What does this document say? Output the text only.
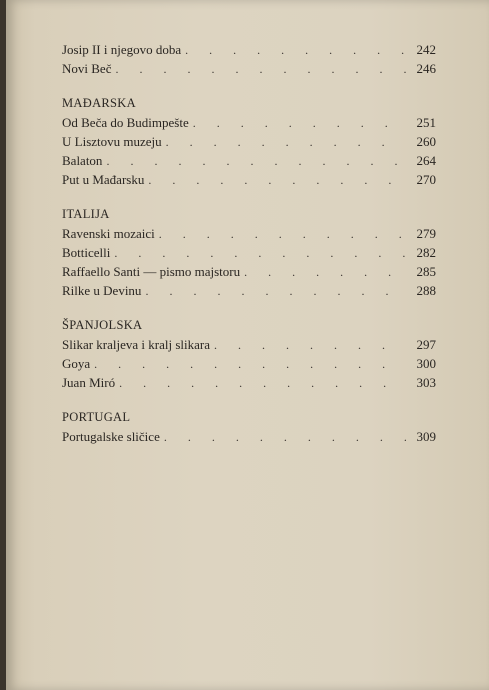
Josip II i njegovo doba . . .	242
Novi Beč . . .	246
MAĐARSKA
Od Beča do Budimpešte . . .	251
U Lisztovu muzeju . . .	260
Balaton . . .	264
Put u Mađarsku . . .	270
ITALIJA
Ravenski mozaici . . .	279
Botticelli . . .	282
Raffaello Santi — pismo majstoru . . .	285
Rilke u Devinu . . .	288
ŠPANJOLSKA
Slikar kraljeva i kralj slikara . . .	297
Goya . . .	300
Juan Miró . . .	303
PORTUGAL
Portugalske sličice . . .	309
